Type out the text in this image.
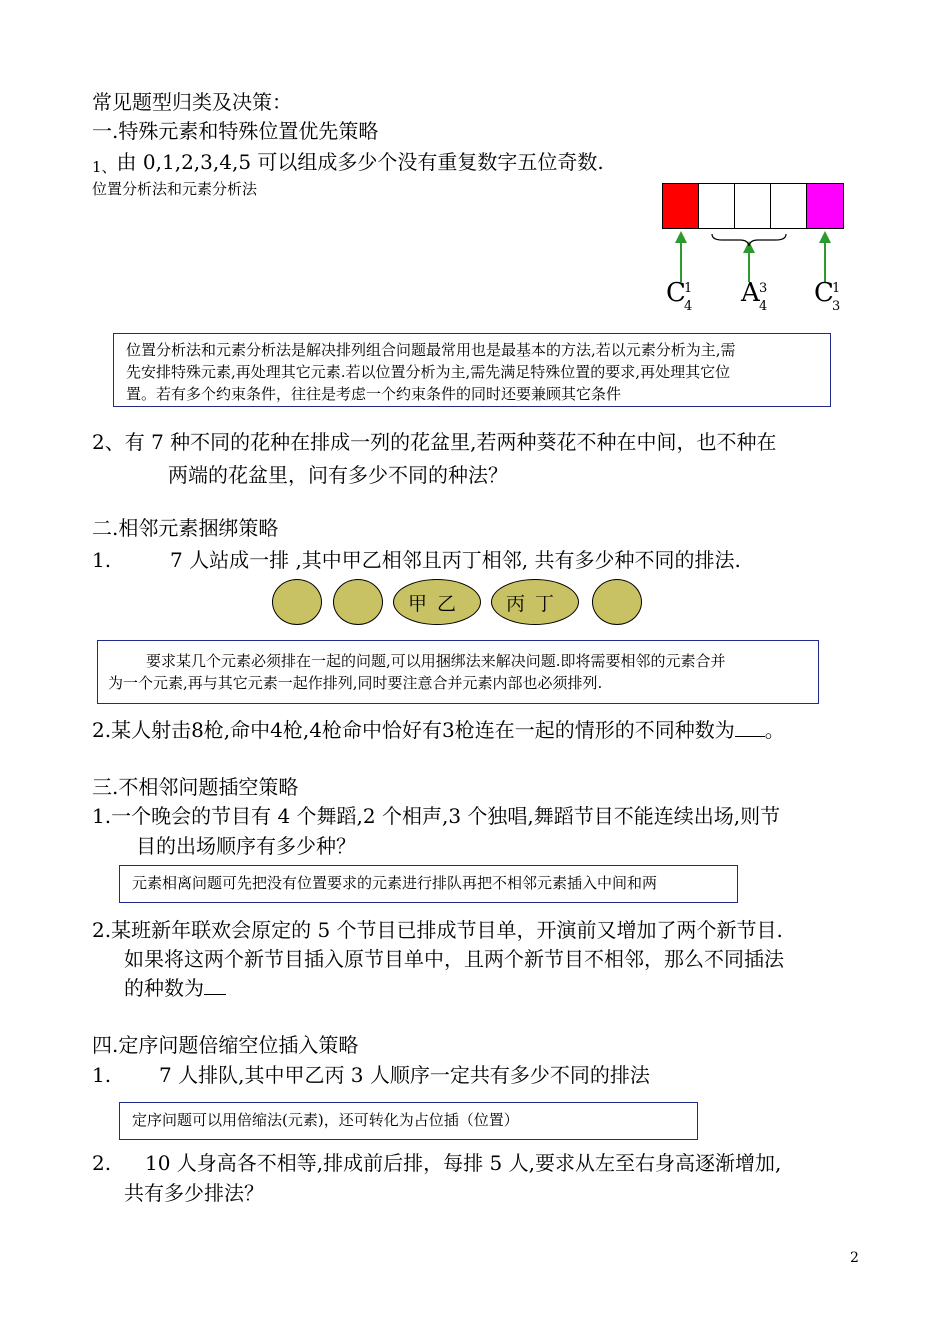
常见题型归类及决策：
一.特殊元素和特殊位置优先策略
1、由 0,1,2,3,4,5 可以组成多少个没有重复数字五位奇数.
位置分析法和元素分析法
C
1
4 A 3
4 C
1
3
位置分析法和元素分析法是解决排列组合问题最常用也是最基本的方法,若以元素分析为主,需
先安排特殊元素,再处理其它元素.若以位置分析为主,需先满足特殊位置的要求,再处理其它位
置。若有多个约束条件，往往是考虑一个约束条件的同时还要兼顾其它条件
2、有 7 种不同的花种在排成一列的花盆里,若两种葵花不种在中间，也不种在
两端的花盆里，问有多少不同的种法？
二.相邻元素捆绑策略
1.	7 人站成一排 ,其中甲乙相邻且丙丁相邻, 共有多少种不同的排法.
甲乙	丙丁
要求某几个元素必须排在一起的问题,可以用捆绑法来解决问题.即将需要相邻的元素合并
为一个元素,再与其它元素一起作排列,同时要注意合并元素内部也必须排列.
2.某人射击8枪,命中4枪,4枪命中恰好有3枪连在一起的情形的不同种数为 。
三.不相邻问题插空策略
1.一个晚会的节目有 4 个舞蹈,2 个相声,3 个独唱,舞蹈节目不能连续出场,则节
目的出场顺序有多少种？
元素相离问题可先把没有位置要求的元素进行排队再把不相邻元素插入中间和两
2.某班新年联欢会原定的 5 个节目已排成节目单，开演前又增加了两个新节目.
如果将这两个新节目插入原节目单中，且两个新节目不相邻，那么不同插法
的种数为
四.定序问题倍缩空位插入策略
1. 7 人排队,其中甲乙丙 3 人顺序一定共有多少不同的排法
定序问题可以用倍缩法(元素)，还可转化为占位插（位置）
2. 10 人身高各不相等,排成前后排，每排 5 人,要求从左至右身高逐渐增加,
共有多少排法？
2
